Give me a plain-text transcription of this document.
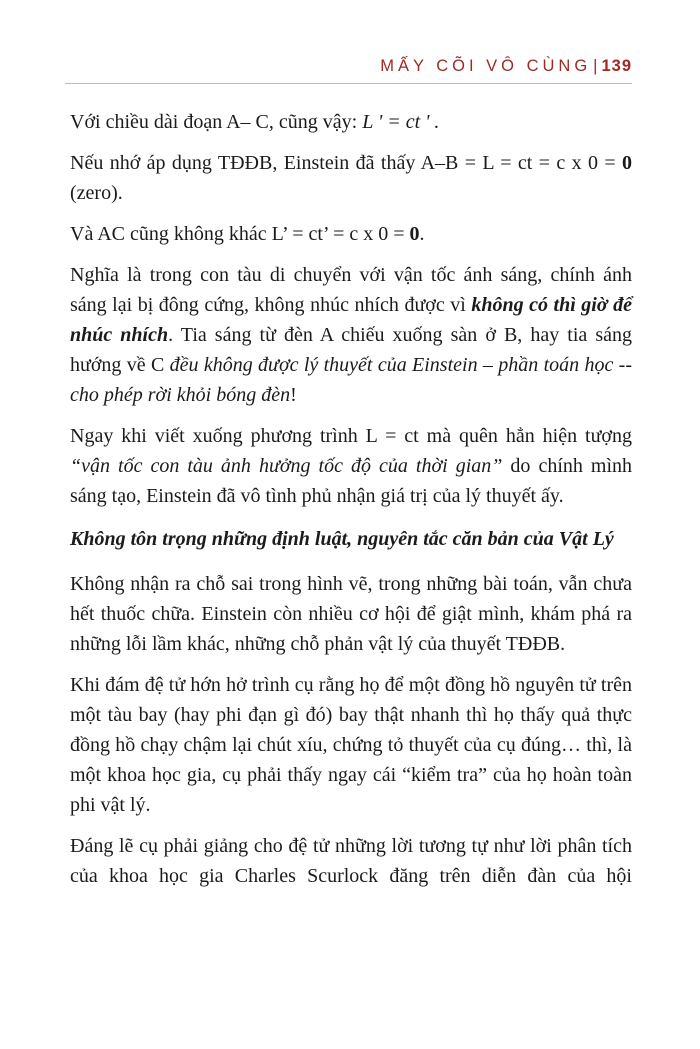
MẤY CÕI VÔ CÙNG | 139

Với chiều dài đoạn A– C, cũng vậy: L ' = ct ' .

Nếu nhớ áp dụng TĐĐB, Einstein đã thấy A–B = L = ct = c x 0 = 0 (zero).

Và AC cũng không khác L’ = ct’ = c x 0 = 0.

Nghĩa là trong con tàu di chuyển với vận tốc ánh sáng, chính ánh sáng lại bị đông cứng, không nhúc nhích được vì không có thì giờ để nhúc nhích. Tia sáng từ đèn A chiếu xuống sàn ở B, hay tia sáng hướng về C đều không được lý thuyết của Einstein – phần toán học -- cho phép rời khỏi bóng đèn!

Ngay khi viết xuống phương trình L = ct mà quên hẳn hiện tượng “vận tốc con tàu ảnh hưởng tốc độ của thời gian” do chính mình sáng tạo, Einstein đã vô tình phủ nhận giá trị của lý thuyết ấy.

Không tôn trọng những định luật, nguyên tắc căn bản của Vật Lý

Không nhận ra chỗ sai trong hình vẽ, trong những bài toán, vẫn chưa hết thuốc chữa. Einstein còn nhiều cơ hội để giật mình, khám phá ra những lỗi lầm khác, những chỗ phản vật lý của thuyết TĐĐB.

Khi đám đệ tử hớn hở trình cụ rằng họ để một đồng hồ nguyên tử trên một tàu bay (hay phi đạn gì đó) bay thật nhanh thì họ thấy quả thực đồng hồ chạy chậm lại chút xíu, chứng tỏ thuyết của cụ đúng… thì, là một khoa học gia, cụ phải thấy ngay cái “kiểm tra” của họ hoàn toàn phi vật lý.

Đáng lẽ cụ phải giảng cho đệ tử những lời tương tự như lời phân tích của khoa học gia Charles Scurlock đăng trên diễn đàn của hội
